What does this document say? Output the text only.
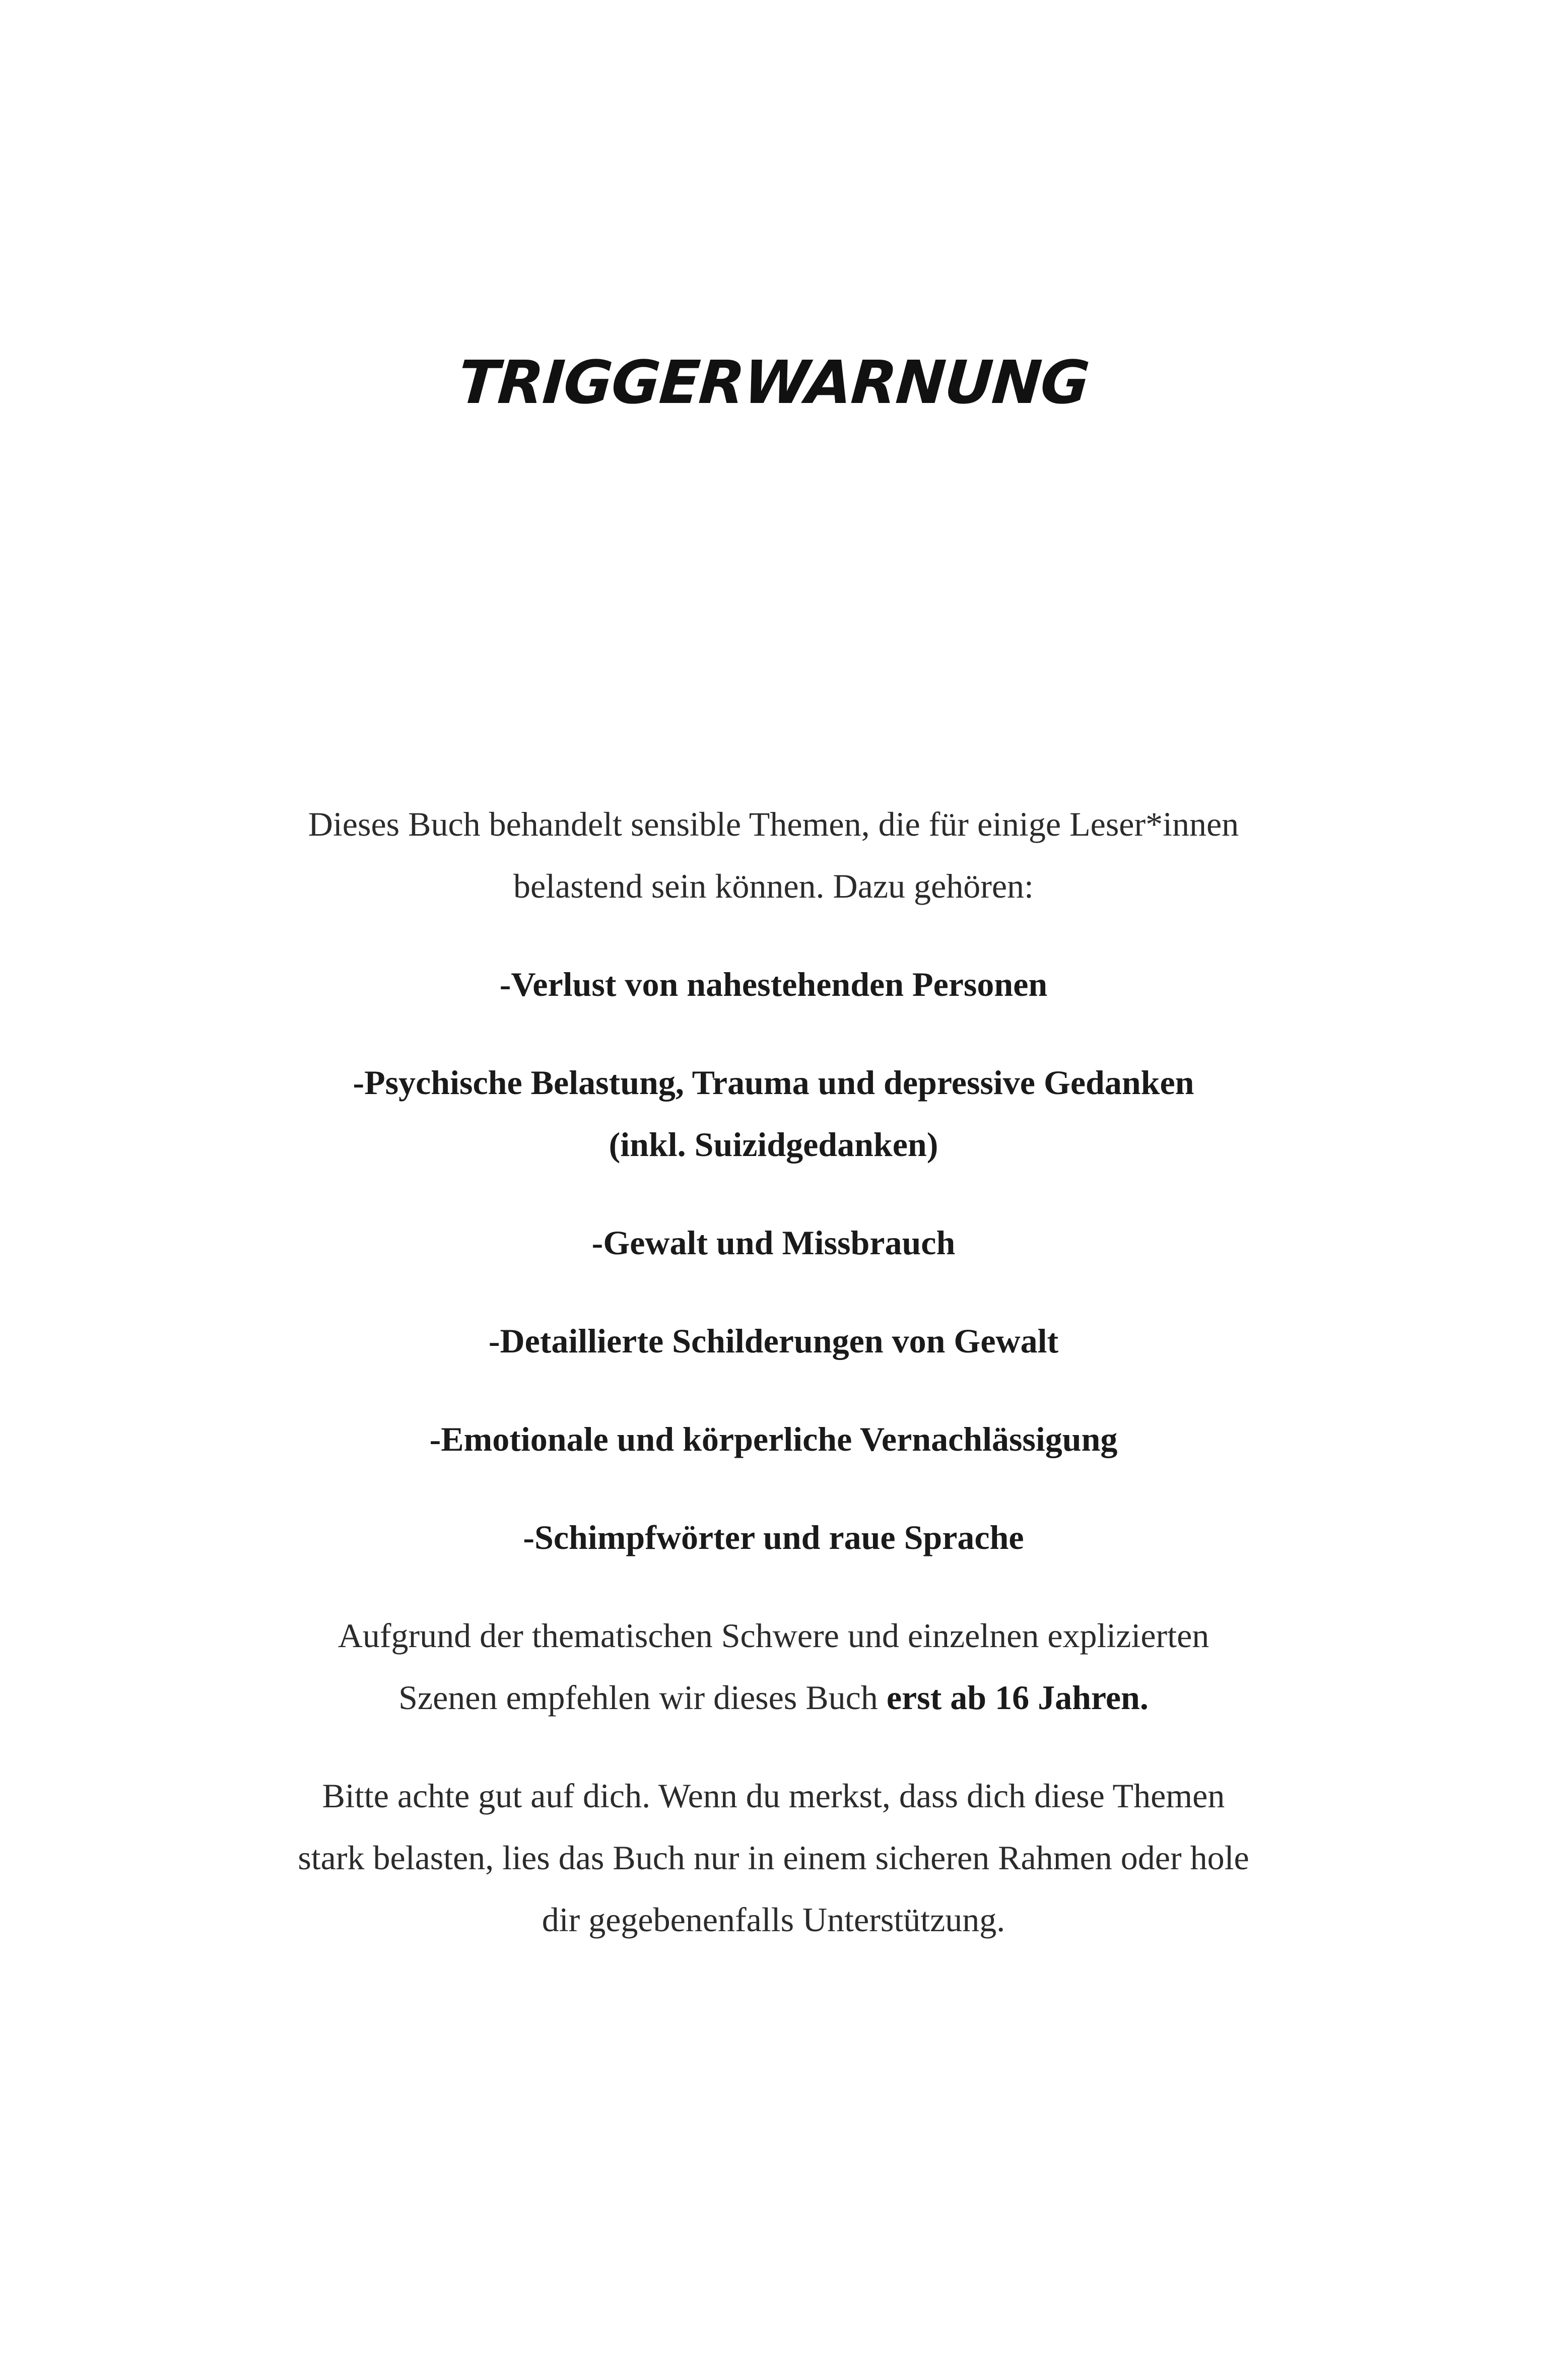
TRIGGERWARNUNG

Dieses Buch behandelt sensible Themen, die für einige Leser*innen

belastend sein können. Dazu gehören:

-Verlust von nahestehenden Personen

-Psychische Belastung, Trauma und depressive Gedanken

(inkl. Suizidgedanken)

-Gewalt und Missbrauch

-Detaillierte Schilderungen von Gewalt

-Emotionale und körperliche Vernachlässigung

-Schimpfwörter und raue Sprache

Aufgrund der thematischen Schwere und einzelnen explizierten

Szenen empfehlen wir dieses Buch erst ab 16 Jahren.

Bitte achte gut auf dich. Wenn du merkst, dass dich diese Themen

stark belasten, lies das Buch nur in einem sicheren Rahmen oder hole

dir gegebenenfalls Unterstützung.
